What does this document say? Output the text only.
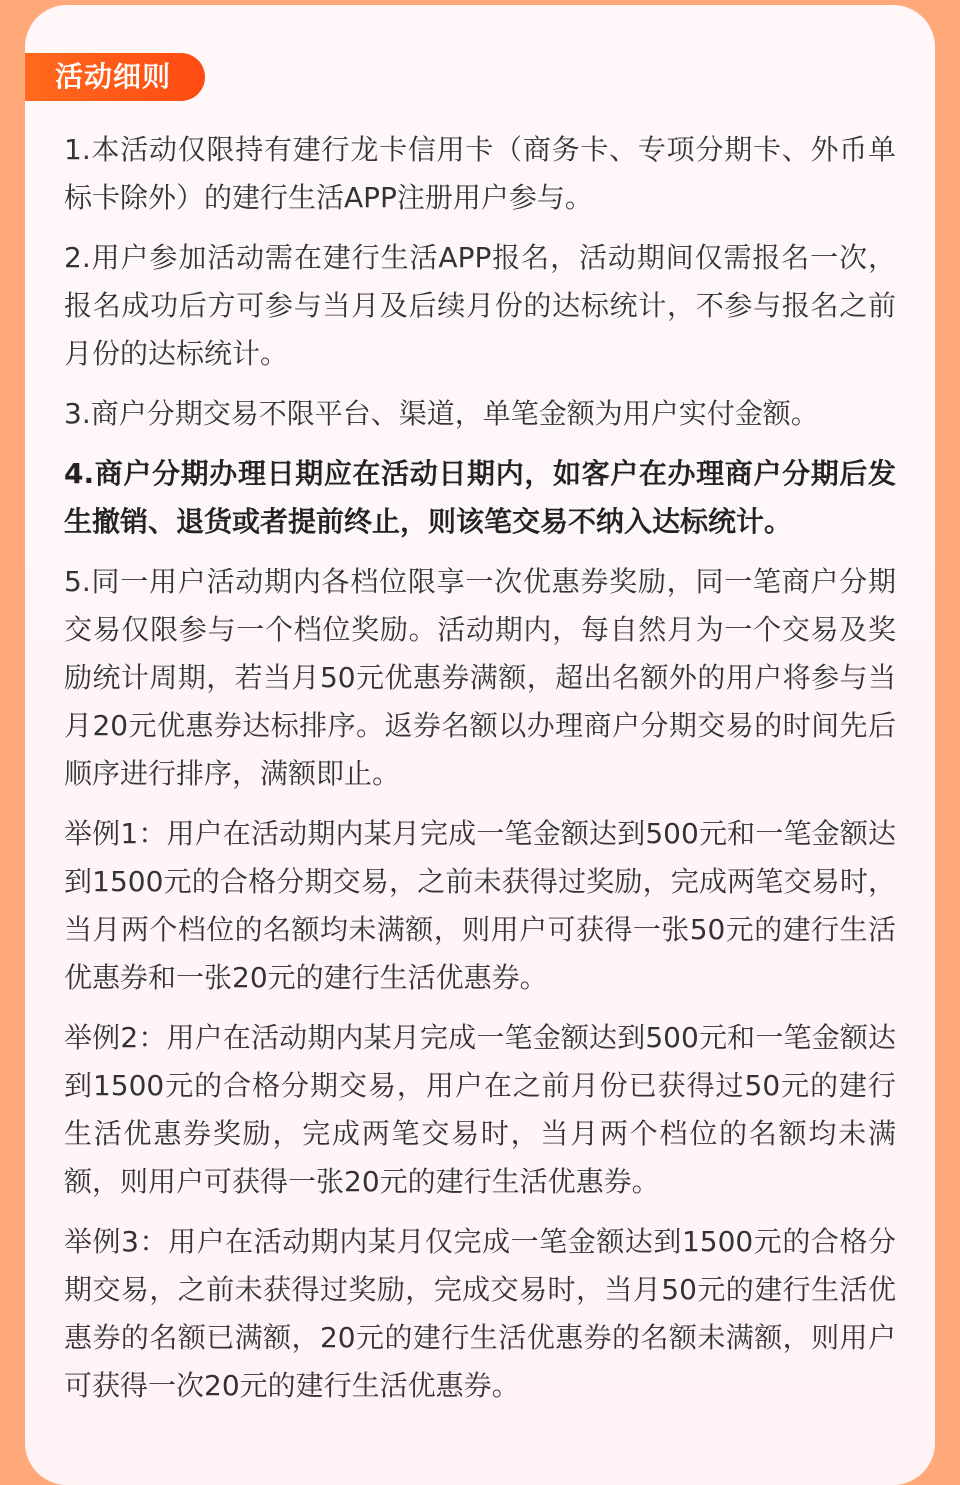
活动细则

1.本活动仅限持有建行龙卡信用卡（商务卡、专项分期卡、外币单标卡除外）的建行生活APP注册用户参与。

2.用户参加活动需在建行生活APP报名，活动期间仅需报名一次，报名成功后方可参与当月及后续月份的达标统计，不参与报名之前月份的达标统计。

3.商户分期交易不限平台、渠道，单笔金额为用户实付金额。

4.商户分期办理日期应在活动日期内，如客户在办理商户分期后发生撤销、退货或者提前终止，则该笔交易不纳入达标统计。

5.同一用户活动期内各档位限享一次优惠券奖励，同一笔商户分期交易仅限参与一个档位奖励。活动期内，每自然月为一个交易及奖励统计周期，若当月50元优惠券满额，超出名额外的用户将参与当月20元优惠券达标排序。返券名额以办理商户分期交易的时间先后顺序进行排序，满额即止。

举例1：用户在活动期内某月完成一笔金额达到500元和一笔金额达到1500元的合格分期交易，之前未获得过奖励，完成两笔交易时，当月两个档位的名额均未满额，则用户可获得一张50元的建行生活优惠券和一张20元的建行生活优惠券。

举例2：用户在活动期内某月完成一笔金额达到500元和一笔金额达到1500元的合格分期交易，用户在之前月份已获得过50元的建行生活优惠券奖励，完成两笔交易时，当月两个档位的名额均未满额，则用户可获得一张20元的建行生活优惠券。

举例3：用户在活动期内某月仅完成一笔金额达到1500元的合格分期交易，之前未获得过奖励，完成交易时，当月50元的建行生活优惠券的名额已满额，20元的建行生活优惠券的名额未满额，则用户可获得一次20元的建行生活优惠券。
